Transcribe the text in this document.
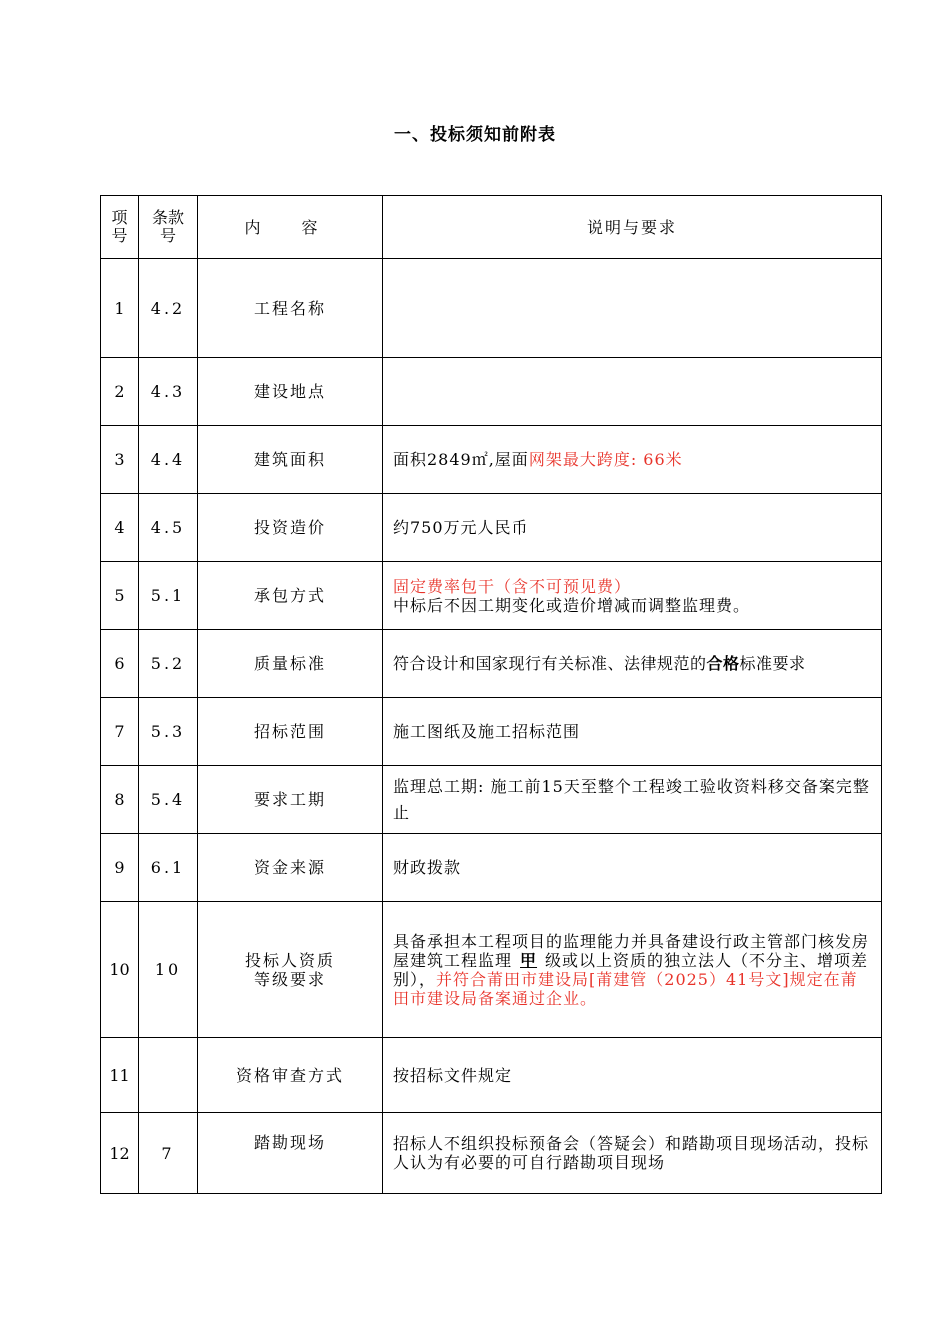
一、投标须知前附表
项号	条款号	内 容	说明与要求
1	4.2	工程名称	
2	4.3	建设地点	
3	4.4	建筑面积	面积2849㎡,屋面网架最大跨度: 66米
4	4.5	投资造价	约750万元人民币
5	5.1	承包方式	固定费率包干（含不可预见费）
中标后不因工期变化或造价增减而调整监理费。

6	5.2	质量标准	符合设计和国家现行有关标准、法律规范的合格标准要求
7	5.3	招标范围	施工图纸及施工招标范围
8	5.4	要求工期	监理总工期: 施工前15天至整个工程竣工验收资料移交备案完整止
9	6.1	资金来源	财政拨款
10	10	投标人资质
等级要求	具备承担本工程项目的监理能力并具备建设行政主管部门核发房屋建筑工程监理 甲 级或以上资质的独立法人（不分主、增项差别），并符合莆田市建设局[莆建管（2025）41号文]规定在莆田市建设局备案通过企业。
11		资格审查方式	按招标文件规定
12	7	踏勘现场	招标人不组织投标预备会（答疑会）和踏勘项目现场活动，投标人认为有必要的可自行踏勘项目现场
